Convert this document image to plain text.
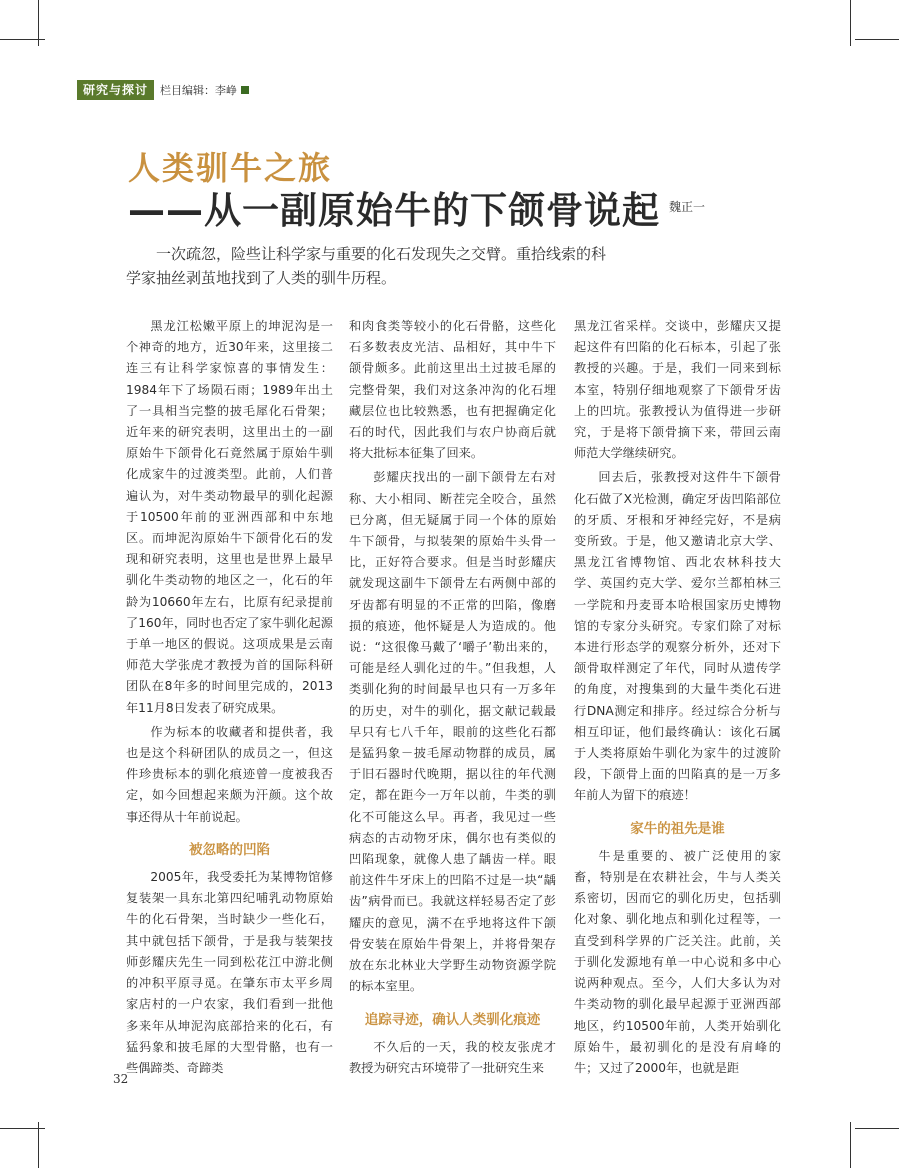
研究与探讨	栏目编辑：李峥
人类驯牛之旅
——从一副原始牛的下颌骨说起 魏正一
一次疏忽，险些让科学家与重要的化石发现失之交臂。重拾线索的科学家抽丝剥茧地找到了人类的驯牛历程。

黑龙江松嫩平原上的坤泥沟是一个神奇的地方，近30年来，这里接二连三有让科学家惊喜的事情发生：1984年下了场陨石雨；1989年出土了一具相当完整的披毛犀化石骨架；近年来的研究表明，这里出土的一副原始牛下颌骨化石竟然属于原始牛驯化成家牛的过渡类型。此前，人们普遍认为，对牛类动物最早的驯化起源于10500年前的亚洲西部和中东地区。而坤泥沟原始牛下颌骨化石的发现和研究表明，这里也是世界上最早驯化牛类动物的地区之一，化石的年龄为10660年左右，比原有纪录提前了160年，同时也否定了家牛驯化起源于单一地区的假说。这项成果是云南师范大学张虎才教授为首的国际科研团队在8年多的时间里完成的，2013年11月8日发表了研究成果。

作为标本的收藏者和提供者，我也是这个科研团队的成员之一，但这件珍贵标本的驯化痕迹曾一度被我否定，如今回想起来颇为汗颜。这个故事还得从十年前说起。

被忽略的凹陷

2005年，我受委托为某博物馆修复装架一具东北第四纪哺乳动物原始牛的化石骨架，当时缺少一些化石，其中就包括下颌骨，于是我与装架技师彭耀庆先生一同到松花江中游北侧的冲积平原寻觅。在肇东市太平乡周家店村的一户农家，我们看到一批他多来年从坤泥沟底部拾来的化石，有猛犸象和披毛犀的大型骨骼，也有一些偶蹄类、奇蹄类

和肉食类等较小的化石骨骼，这些化石多数表皮光洁、品相好，其中牛下颌骨颇多。此前这里出土过披毛犀的完整骨架，我们对这条冲沟的化石埋藏层位也比较熟悉，也有把握确定化石的时代，因此我们与农户协商后就将大批标本征集了回来。

彭耀庆找出的一副下颌骨左右对称、大小相同、断茬完全咬合，虽然已分离，但无疑属于同一个体的原始牛下颌骨，与拟装架的原始牛头骨一比，正好符合要求。但是当时彭耀庆就发现这副牛下颌骨左右两侧中部的牙齿都有明显的不正常的凹陷，像磨损的痕迹，他怀疑是人为造成的。他说：“这很像马戴了‘嚼子’勒出来的，可能是经人驯化过的牛。”但我想，人类驯化狗的时间最早也只有一万多年的历史，对牛的驯化，据文献记载最早只有七八千年，眼前的这些化石都是猛犸象－披毛犀动物群的成员，属于旧石器时代晚期，据以往的年代测定，都在距今一万年以前，牛类的驯化不可能这么早。再者，我见过一些病态的古动物牙床，偶尔也有类似的凹陷现象，就像人患了龋齿一样。眼前这件牛牙床上的凹陷不过是一块“龋齿”病骨而已。我就这样轻易否定了彭耀庆的意见，满不在乎地将这件下颌骨安装在原始牛骨架上，并将骨架存放在东北林业大学野生动物资源学院的标本室里。

追踪寻迹，确认人类驯化痕迹

不久后的一天，我的校友张虎才教授为研究古环境带了一批研究生来

黑龙江省采样。交谈中，彭耀庆又提起这件有凹陷的化石标本，引起了张教授的兴趣。于是，我们一同来到标本室，特别仔细地观察了下颌骨牙齿上的凹坑。张教授认为值得进一步研究，于是将下颌骨摘下来，带回云南师范大学继续研究。

回去后，张教授对这件牛下颌骨化石做了X光检测，确定牙齿凹陷部位的牙质、牙根和牙神经完好，不是病变所致。于是，他又邀请北京大学、黑龙江省博物馆、西北农林科技大学、英国约克大学、爱尔兰都柏林三一学院和丹麦哥本哈根国家历史博物馆的专家分头研究。专家们除了对标本进行形态学的观察分析外，还对下颌骨取样测定了年代，同时从遗传学的角度，对搜集到的大量牛类化石进行DNA测定和排序。经过综合分析与相互印证，他们最终确认：该化石属于人类将原始牛驯化为家牛的过渡阶段，下颌骨上面的凹陷真的是一万多年前人为留下的痕迹！

家牛的祖先是谁

牛是重要的、被广泛使用的家畜，特别是在农耕社会，牛与人类关系密切，因而它的驯化历史，包括驯化对象、驯化地点和驯化过程等，一直受到科学界的广泛关注。此前，关于驯化发源地有单一中心说和多中心说两种观点。至今，人们大多认为对牛类动物的驯化最早起源于亚洲西部地区，约10500年前，人类开始驯化原始牛，最初驯化的是没有肩峰的牛；又过了2000年，也就是距

32
